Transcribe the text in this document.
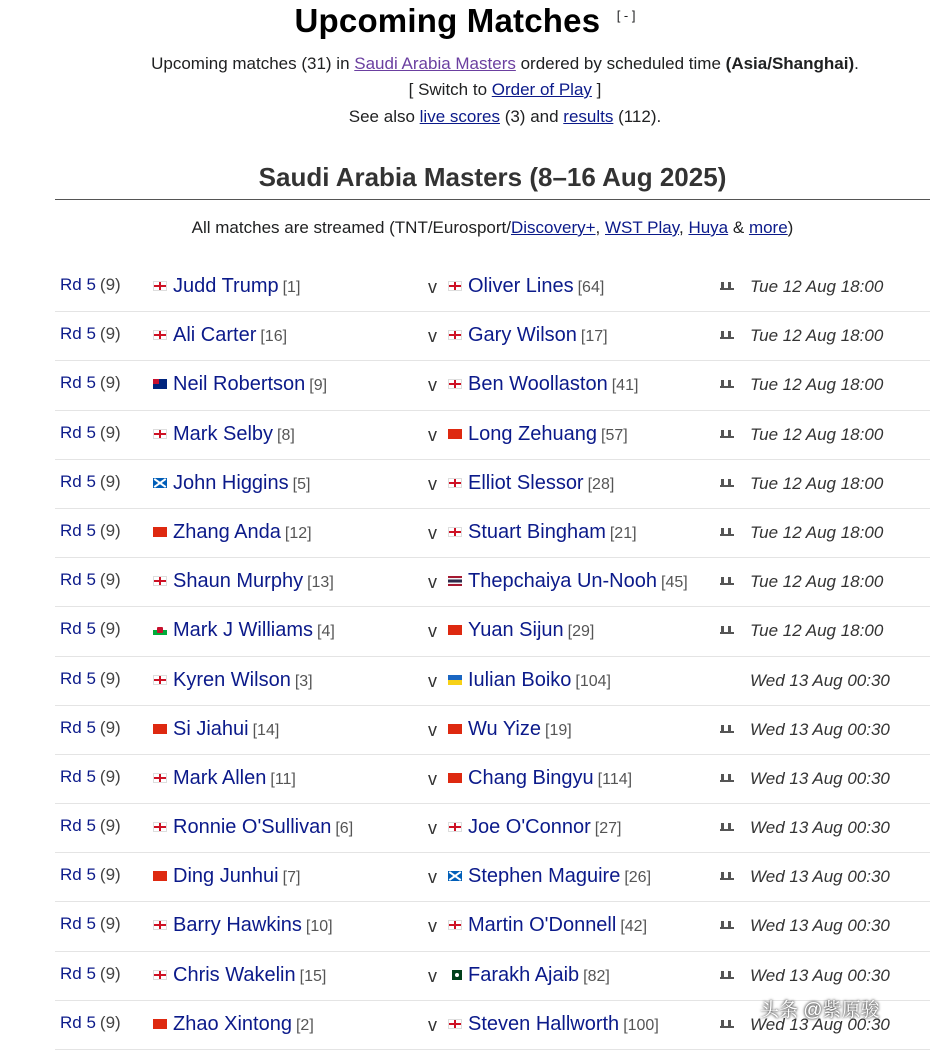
Upcoming Matches [ - ]
Upcoming matches (31) in Saudi Arabia Masters ordered by scheduled time (Asia/Shanghai).
[ Switch to Order of Play ]
See also live scores (3) and results (112).
Saudi Arabia Masters (8–16 Aug 2025)
All matches are streamed (TNT/Eurosport/Discovery+, WST Play, Huya & more)
Rd 5 (9)	Judd Trump [1]	v	Oliver Lines [64]	Tue 12 Aug 18:00
Rd 5 (9)	Ali Carter [16]	v	Gary Wilson [17]	Tue 12 Aug 18:00
Rd 5 (9)	Neil Robertson [9]	v	Ben Woollaston [41]	Tue 12 Aug 18:00
Rd 5 (9)	Mark Selby [8]	v	Long Zehuang [57]	Tue 12 Aug 18:00
Rd 5 (9)	John Higgins [5]	v	Elliot Slessor [28]	Tue 12 Aug 18:00
Rd 5 (9)	Zhang Anda [12]	v	Stuart Bingham [21]	Tue 12 Aug 18:00
Rd 5 (9)	Shaun Murphy [13]	v	Thepchaiya Un-Nooh [45]	Tue 12 Aug 18:00
Rd 5 (9)	Mark J Williams [4]	v	Yuan Sijun [29]	Tue 12 Aug 18:00
Rd 5 (9)	Kyren Wilson [3]	v	Iulian Boiko [104]	Wed 13 Aug 00:30
Rd 5 (9)	Si Jiahui [14]	v	Wu Yize [19]	Wed 13 Aug 00:30
Rd 5 (9)	Mark Allen [11]	v	Chang Bingyu [114]	Wed 13 Aug 00:30
Rd 5 (9)	Ronnie O'Sullivan [6]	v	Joe O'Connor [27]	Wed 13 Aug 00:30
Rd 5 (9)	Ding Junhui [7]	v	Stephen Maguire [26]	Wed 13 Aug 00:30
Rd 5 (9)	Barry Hawkins [10]	v	Martin O'Donnell [42]	Wed 13 Aug 00:30
Rd 5 (9)	Chris Wakelin [15]	v	Farakh Ajaib [82]	Wed 13 Aug 00:30
Rd 5 (9)	Zhao Xintong [2]	v	Steven Hallworth [100]	Wed 13 Aug 00:30
头条 @紫原骏
